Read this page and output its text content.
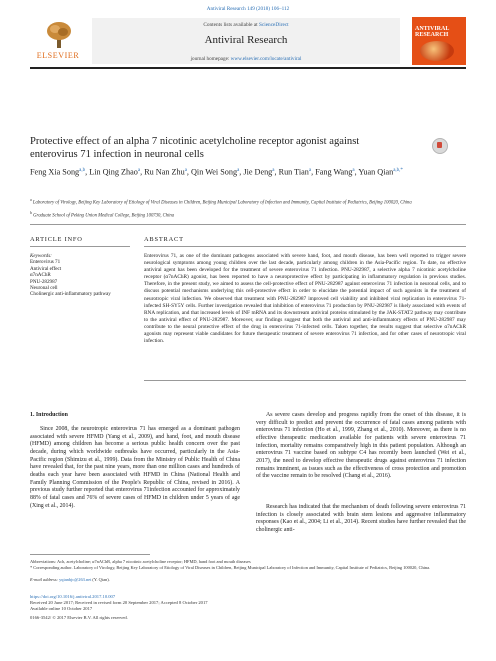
Antiviral Research 149 (2018) 106–112
ELSEVIER
Contents lists available at ScienceDirect
Antiviral Research
journal homepage: www.elsevier.com/locate/antiviral
ANTIVIRAL RESEARCH
Protective effect of an alpha 7 nicotinic acetylcholine receptor agonist against enterovirus 71 infection in neuronal cells
Feng Xia Song$^{a,b}$, Lin Qing Zhao$^a$, Ru Nan Zhu$^a$, Qin Wei Song$^a$, Jie Deng$^a$, Run Tian$^a$, Fang Wang$^a$, Yuan Qian$^{a,b,*}$
$^a$ Laboratory of Virology, Beijing Key Laboratory of Etiology of Viral Diseases in Children, Beijing Municipal Laboratory of Infection and Immunity, Capital Institute of Pediatrics, Beijing 100020, China
$^b$ Graduate School of Peking Union Medical College, Beijing 100730, China
ARTICLE INFO	ABSTRACT
Keywords:
Enterovirus 71
Antiviral effect
α7nAChR
PNU-282987
Neuronal cell
Cholinergic anti-inflammatory pathway
Enterovirus 71, as one of the dominant pathogens associated with severe hand, foot, and mouth disease, has been well reported to trigger severe neurological symptoms among young children over the last decade, particularly among children in the Asia-Pacific region. To date, no effective antiviral agent has been developed for the treatment of severe enterovirus 71 infection. PNU-282987, a selective alpha 7 nicotinic acetylcholine receptor (α7nAChR) agonist, has been reported to have a neuroprotective effect by participating in inflammatory regulation in previous studies. Therefore, in the present study, we aimed to assess the cell-protective effect of PNU-282987 against enterovirus 71 infection in neuronal cells, and to discuss potential mechanisms underlying this cell-protective effect in order to elucidate the potential impact of such agonists in the treatment of neurotropic viral infection. We observed that treatment with PNU-282987 improved cell viability and inhibited viral replication in enterovirus 71-infected SH-SY5Y cells. Further investigation revealed that inhibition of enterovirus 71 production by PNU-282987 is likely associated with events of RNA replication, and that increased levels of INF mRNA and its downstream antiviral proteins stimulated by the JAK-STAT2 pathway may contribute to the antiviral effect of PNU-282987. Moreover, our findings suggest that both the antiviral and anti-inflammatory effects of PNU-282987 may contribute to the neural protective effect of the drug in enterovirus 71-infected cells. Taken together, the results suggest that selective α7nAChR agonists may represent viable candidates for future therapeutic treatment of severe enterovirus 71 infection, and for other cases of neurotropic viral infection.
1. Introduction
Since 2008, the neurotropic enterovirus 71 has emerged as a dominant pathogen associated with severe HFMD (Yang et al., 2009), and hand, foot, and mouth disease (HFMD) among children has become a serious public health concern over the past decade, during which worldwide outbreaks have occurred, particularly in the Asia-Pacific region (Shimizu et al., 1999). Data from the Ministry of Public Health of China have revealed that, for the past nine years, more than one million cases and hundreds of deaths each year have been associated with HFMD in China (National Health and Family Planning Commission of the People's Republic of China, revised in 2016). A previous study further reported that enterovirus 71infection accounted for approximately 88% of fatal cases and 76% of severe cases of HFMD in children under 5 years of age (Xing et al., 2014).
As severe cases develop and progress rapidly from the onset of this disease, it is very difficult to predict and prevent the occurrence of fatal cases among patients with enterovirus 71 infection (Ho et al., 1999, Zhang et al., 2010). Moreover, as there is no effective therapeutic medication available for patients with severe enterovirus 71 infection, mortality remains comparatively high in this patient population. Although an enterovirus 71 vaccine based on subtype C4 has recently been launched (Wei et al., 2017), the need to develop effective therapeutic drugs against enterovirus 71 infection remains imminent, as issues such as the effectiveness of cross protection and promotion of the vaccine remain to be resolved (Chang et al., 2016).
Research has indicated that the mechanism of death following severe enterovirus 71 infection is closely associated with brain stem lesions and aggressive inflammatory responses (Kao et al., 2004; Li et al., 2014). Recent studies have further revealed that the cholinergic anti-
Abbreviations: Ach, acetylcholine; α7nAChR, alpha 7 nicotinic acetylcholine receptor; HFMD, hand foot and mouth diseases
* Corresponding author. Laboratory of Virology, Beijing Key Laboratory of Etiology of Viral Diseases in Children, Beijing Municipal Laboratory of Infection and Immunity, Capital Institute of Pediatrics, Beijing 100020, China.
E-mail address: yqianbjc@263.net (Y. Qian).
https://doi.org/10.1016/j.antiviral.2017.10.007
Received 20 June 2017; Received in revised form 20 September 2017; Accepted 8 October 2017
Available online 10 October 2017
0166-3542/ © 2017 Elsevier B.V. All rights reserved.
